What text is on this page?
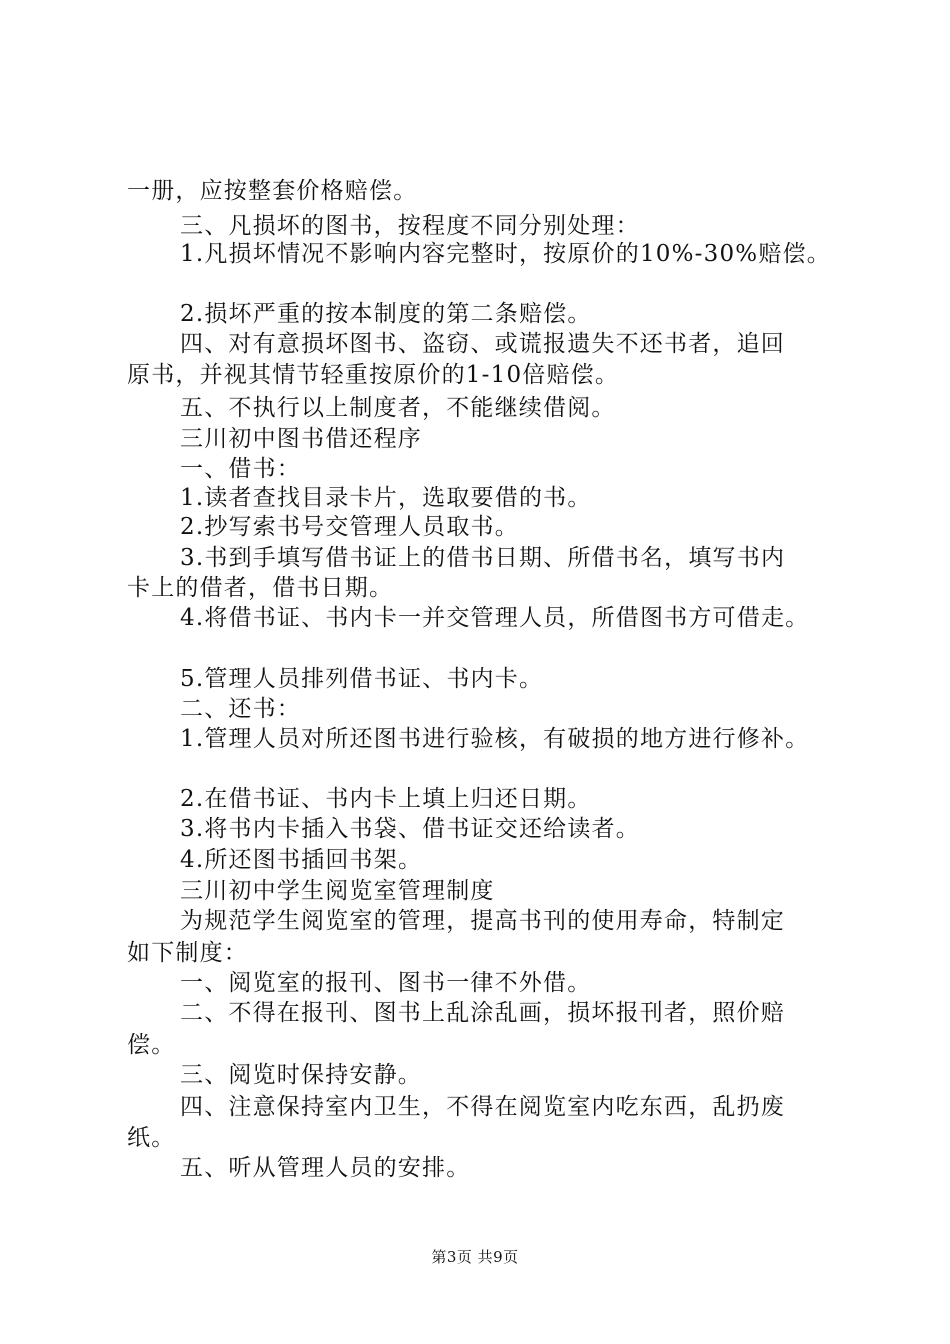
一册，应按整套价格赔偿。
三、凡损坏的图书，按程度不同分别处理：
1.凡损坏情况不影响内容完整时，按原价的10%-30%赔偿。
2.损坏严重的按本制度的第二条赔偿。
四、对有意损坏图书、盗窃、或谎报遗失不还书者，追回
原书，并视其情节轻重按原价的1-10倍赔偿。
五、不执行以上制度者，不能继续借阅。
三川初中图书借还程序
一、借书：
1.读者查找目录卡片，选取要借的书。
2.抄写索书号交管理人员取书。
3.书到手填写借书证上的借书日期、所借书名，填写书内
卡上的借者，借书日期。
4.将借书证、书内卡一并交管理人员，所借图书方可借走。
5.管理人员排列借书证、书内卡。
二、还书：
1.管理人员对所还图书进行验核，有破损的地方进行修补。
2.在借书证、书内卡上填上归还日期。
3.将书内卡插入书袋、借书证交还给读者。
4.所还图书插回书架。
三川初中学生阅览室管理制度
为规范学生阅览室的管理，提高书刊的使用寿命，特制定
如下制度：
一、阅览室的报刊、图书一律不外借。
二、不得在报刊、图书上乱涂乱画，损坏报刊者，照价赔
偿。
三、阅览时保持安静。
四、注意保持室内卫生，不得在阅览室内吃东西，乱扔废
纸。
五、听从管理人员的安排。
第3页 共9页
